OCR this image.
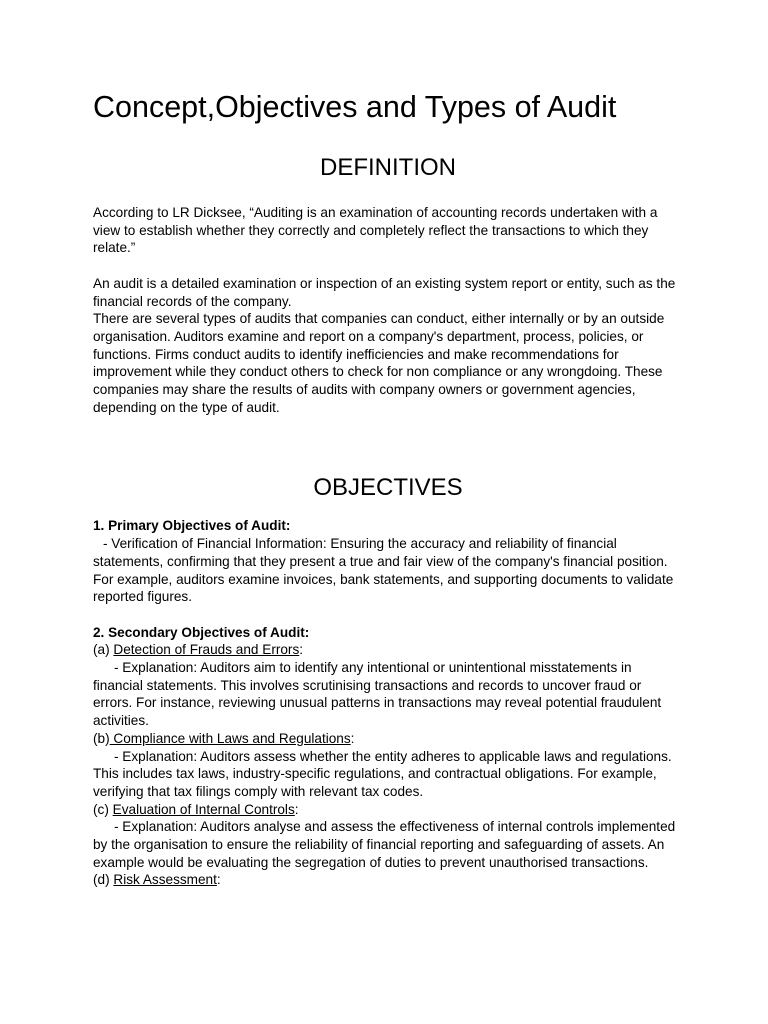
Concept,Objectives and Types of Audit
DEFINITION

According to LR Dicksee, “Auditing is an examination of accounting records undertaken with a view to establish whether they correctly and completely reflect the transactions to which they relate.”

An audit is a detailed examination or inspection of an existing system report or entity, such as the financial records of the company.

There are several types of audits that companies can conduct, either internally or by an outside organisation. Auditors examine and report on a company's department, process, policies, or functions. Firms conduct audits to identify inefficiencies and make recommendations for improvement while they conduct others to check for non compliance or any wrongdoing. These companies may share the results of audits with company owners or government agencies, depending on the type of audit.

OBJECTIVES

1. Primary Objectives of Audit:

- Verification of Financial Information: Ensuring the accuracy and reliability of financial statements, confirming that they present a true and fair view of the company's financial position. For example, auditors examine invoices, bank statements, and supporting documents to validate reported figures.

2. Secondary Objectives of Audit:

(a) Detection of Frauds and Errors:

- Explanation: Auditors aim to identify any intentional or unintentional misstatements in financial statements. This involves scrutinising transactions and records to uncover fraud or errors. For instance, reviewing unusual patterns in transactions may reveal potential fraudulent activities.

(b) Compliance with Laws and Regulations:

- Explanation: Auditors assess whether the entity adheres to applicable laws and regulations. This includes tax laws, industry-specific regulations, and contractual obligations. For example, verifying that tax filings comply with relevant tax codes.

(c) Evaluation of Internal Controls:

- Explanation: Auditors analyse and assess the effectiveness of internal controls implemented by the organisation to ensure the reliability of financial reporting and safeguarding of assets. An example would be evaluating the segregation of duties to prevent unauthorised transactions.

(d) Risk Assessment:
